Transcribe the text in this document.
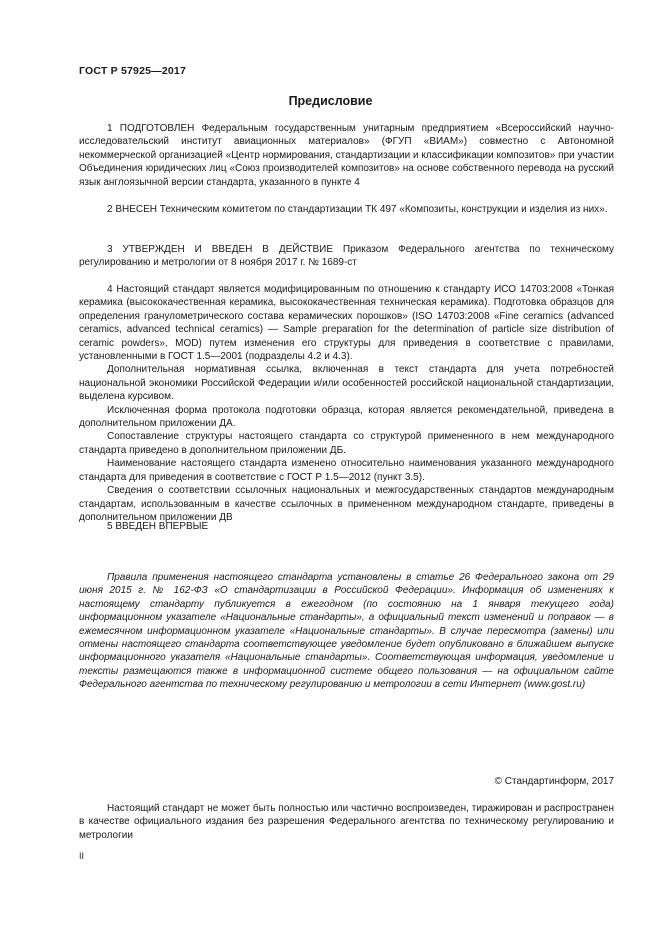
ГОСТ Р 57925—2017
Предисловие

1 ПОДГОТОВЛЕН Федеральным государственным унитарным предприятием «Всероссийский научно-исследовательский институт авиационных материалов» (ФГУП «ВИАМ») совместно с Автономной некоммерческой организацией «Центр нормирования, стандартизации и классификации композитов» при участии Объединения юридических лиц «Союз производителей композитов» на основе собственного перевода на русский язык англоязычной версии стандарта, указанного в пункте 4

2 ВНЕСЕН Техническим комитетом по стандартизации ТК 497 «Композиты, конструкции и изделия из них».

3 УТВЕРЖДЕН И ВВЕДЕН В ДЕЙСТВИЕ Приказом Федерального агентства по техническому регулированию и метрологии от 8 ноября 2017 г. № 1689-ст

4 Настоящий стандарт является модифицированным по отношению к стандарту ИСО 14703:2008 «Тонкая керамика (высококачественная керамика, высококачественная техническая керамика). Подготовка образцов для определения гранулометрического состава керамических порошков» (ISO 14703:2008 «Fine ceramics (advanced ceramics, advanced technical ceramics) — Sample preparation for the determination of particle size distribution of ceramic powders», MOD) путем изменения его структуры для приведения в соответствие с правилами, установленными в ГОСТ 1.5—2001 (подразделы 4.2 и 4.3).

Дополнительная нормативная ссылка, включенная в текст стандарта для учета потребностей национальной экономики Российской Федерации и/или особенностей российской национальной стандартизации, выделена курсивом.

Исключенная форма протокола подготовки образца, которая является рекомендательной, приведена в дополнительном приложении ДА.

Сопоставление структуры настоящего стандарта со структурой примененного в нем международного стандарта приведено в дополнительном приложении ДБ.

Наименование настоящего стандарта изменено относительно наименования указанного международного стандарта для приведения в соответствие с ГОСТ Р 1.5—2012 (пункт 3.5).

Сведения о соответствии ссылочных национальных и межгосударственных стандартов международным стандартам, использованным в качестве ссылочных в примененном международном стандарте, приведены в дополнительном приложении ДВ

5 ВВЕДЕН ВПЕРВЫЕ

Правила применения настоящего стандарта установлены в статье 26 Федерального закона от 29 июня 2015 г. № 162-ФЗ «О стандартизации в Российской Федерации». Информация об изменениях к настоящему стандарту публикуется в ежегодном (по состоянию на 1 января текущего года) информационном указателе «Национальные стандарты», а официальный текст изменений и поправок — в ежемесячном информационном указателе «Национальные стандарты». В случае пересмотра (замены) или отмены настоящего стандарта соответствующее уведомление будет опубликовано в ближайшем выпуске информационного указателя «Национальные стандарты». Соответствующая информация, уведомление и тексты размещаются также в информационной системе общего пользования — на официальном сайте Федерального агентства по техническому регулированию и метрологии в сети Интернет (www.gost.ru)

© Стандартинформ, 2017

Настоящий стандарт не может быть полностью или частично воспроизведен, тиражирован и распространен в качестве официального издания без разрешения Федерального агентства по техническому регулированию и метрологии

II
